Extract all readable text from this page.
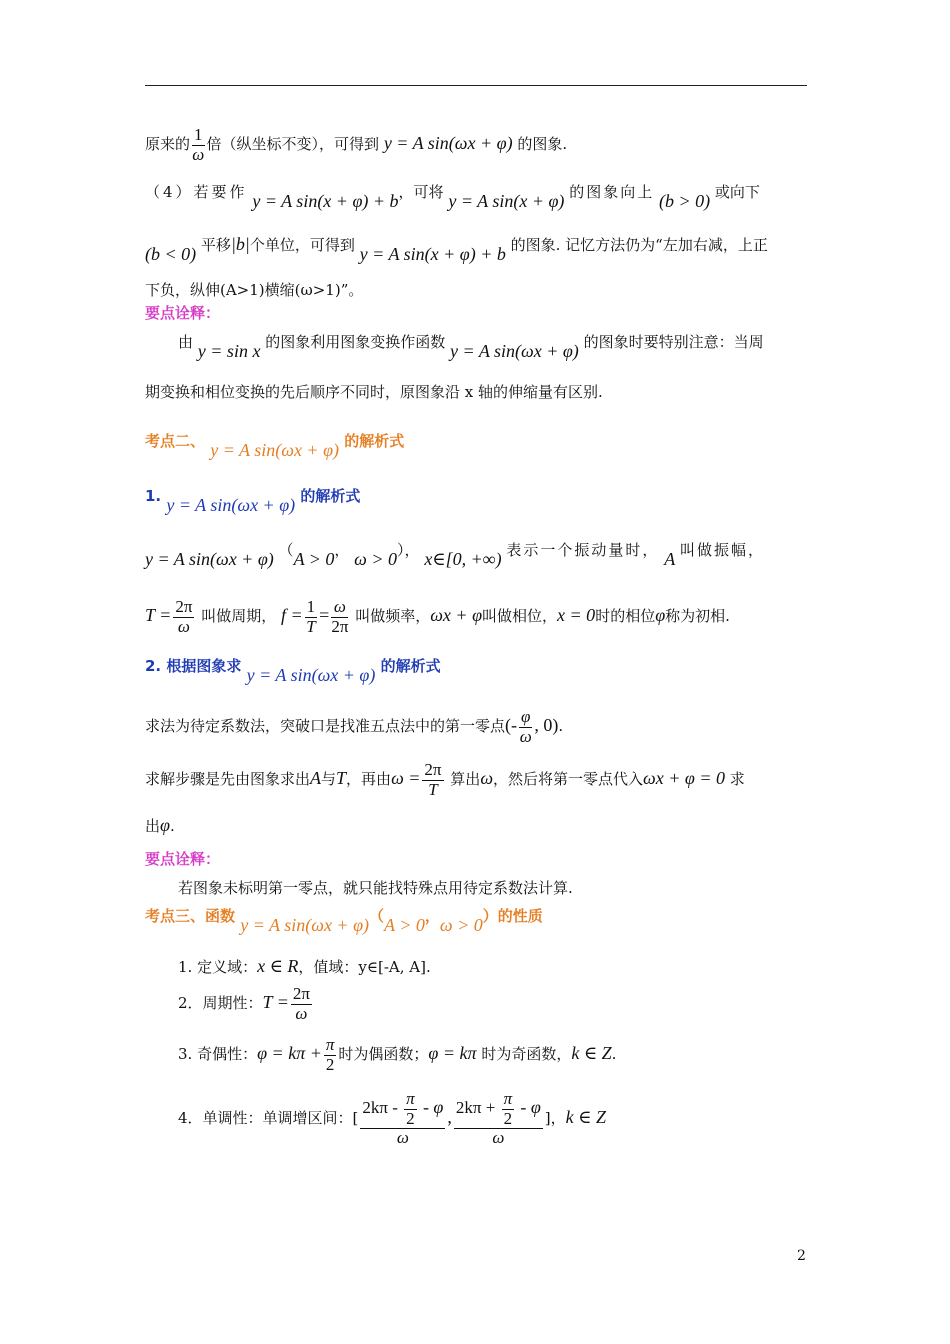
原来的 $\frac{1}{\omega}$ 倍（纵坐标不变），可得到 y = A sin(ωx + φ) 的图象.
（4）若要作 y = A sin(x + φ) + b，可将 y = A sin(x + φ) 的图象向上 (b > 0) 或向下
(b < 0) 平移|b|个单位，可得到 y = A sin(x + φ) + b 的图象. 记忆方法仍为“左加右减，上正
下负，纵伸(A>1)横缩(ω>1)”。
要点诠释：
由 y = sin x 的图象利用图象变换作函数 y = A sin(ωx + φ) 的图象时要特别注意：当周
期变换和相位变换的先后顺序不同时，原图象沿 x 轴的伸缩量有区别.
考点二、 y = A sin(ωx + φ) 的解析式
1. y = A sin(ωx + φ) 的解析式
y = A sin(ωx + φ) （A > 0， ω > 0）， x∈[0, +∞) 表示一个振动量时， A 叫做振幅，
$T = \frac{2\pi}{\omega}$ 叫做周期， $f = \frac{1}{T} = \frac{\omega}{2\pi}$ 叫做频率，ωx + φ叫做相位，x = 0时的相位φ称为初相.
2. 根据图象求 y = A sin(ωx + φ) 的解析式
求法为待定系数法，突破口是找准五点法中的第一零点(- $\frac{\varphi}{\omega}$ , 0).
求解步骤是先由图象求出A与T，再由$\omega = \frac{2\pi}{T}$ 算出ω，然后将第一零点代入ωx + φ = 0 求
出φ.
要点诠释：
若图象未标明第一零点，就只能找特殊点用待定系数法计算.
考点三、函数 y = A sin(ωx + φ)（A > 0，ω > 0）的性质
1. 定义域：x ∈ R，值域：y∈[-A, A].
2．周期性：$T = \frac{2\pi}{\omega}$
3. 奇偶性：$\varphi = k\pi + \frac{\pi}{2}$ 时为偶函数；φ = kπ 时为奇函数，k ∈ Z.
4．单调性：单调增区间：[ $\frac{2k\pi - \frac{\pi}{2} - \varphi}{\omega}$ , $\frac{2k\pi + \frac{\pi}{2} - \varphi}{\omega}$ ]，k ∈ Z
2
